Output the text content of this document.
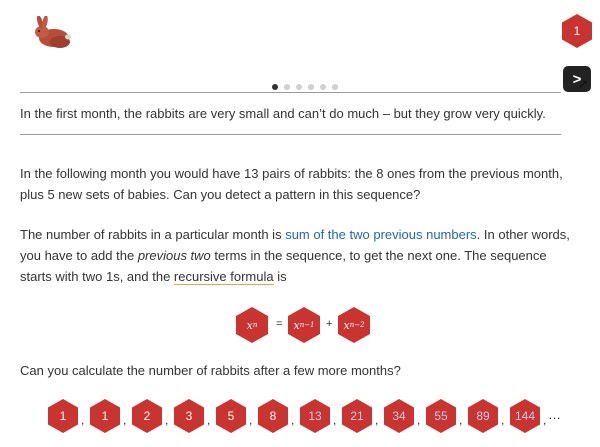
1
In the first month, the rabbits are very small and can’t do much – but they grow very quickly.
>
➚

In the following month you would have 13 pairs of rabbits: the 8 ones from the previous month, plus 5 new sets of babies. Can you detect a pattern in this sequence?

The number of rabbits in a particular month is sum of the two previous numbers. In other words, you have to add the previous two terms in the sequence, to get the next one. The sequence starts with two 1s, and the recursive formula is

x n = x n−1 + x n−2

Can you calculate the number of rabbits after a few more months?

1	,	1	,	2	,	3	,	5	,	8	,	13 ,	21 ,	34 ,	55 ,	89 , 144 , …
